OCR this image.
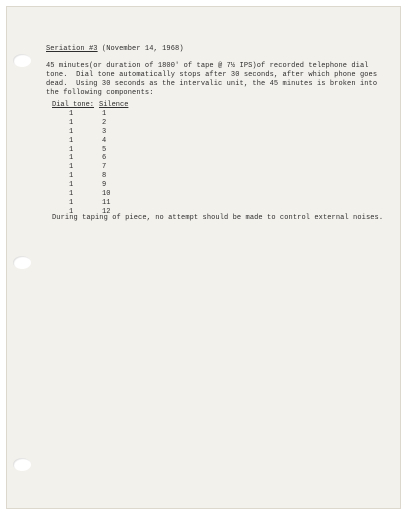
Seriation #3 (November 14, 1968)
45 minutes(or duration of 1800' of tape @ 7½ IPS)of recorded telephone dial
tone.  Dial tone automatically stops after 30 seconds, after which phone goes
dead.  Using 30 seconds as the intervalic unit, the 45 minutes is broken into
the following components:
Dial tone: Silence
1	1
1	2
1	3
1	4
1	5
1	6
1	7
1	8
1	9
1	10
1	11
1	12
During taping of piece, no attempt should be made to control external noises.
